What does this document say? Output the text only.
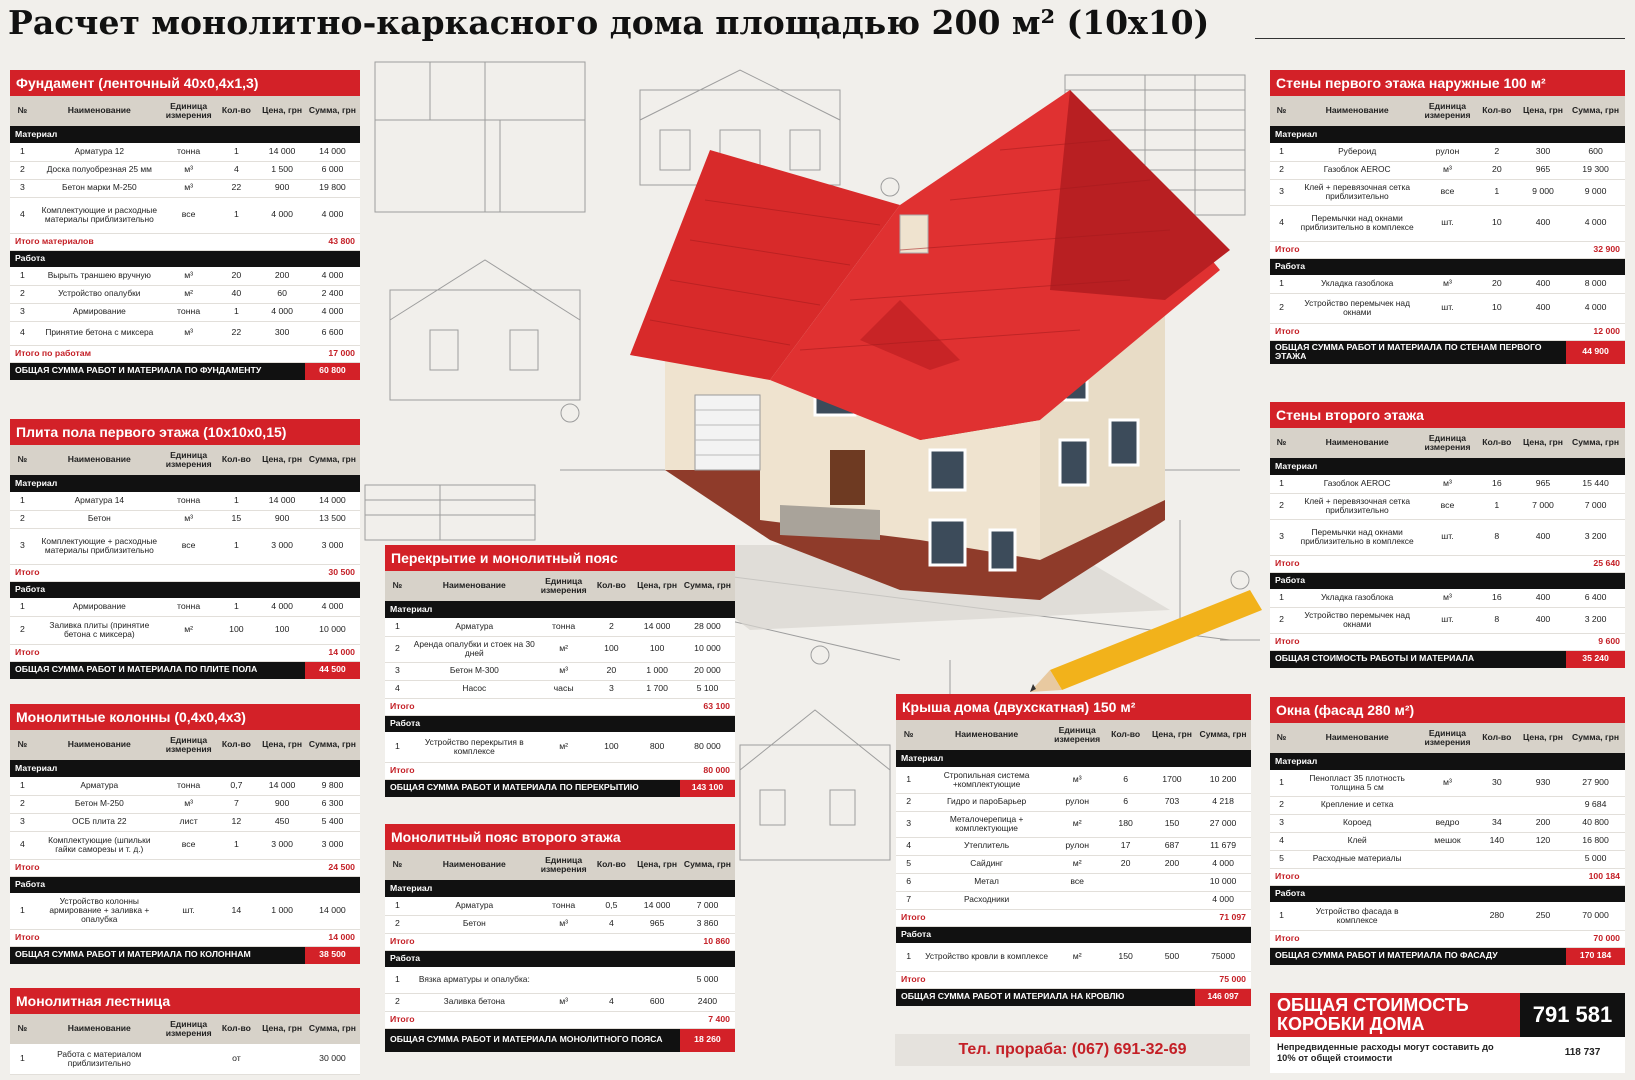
Расчет монолитно-каркасного дома площадью 200 м² (10х10)
Фундамент (ленточный 40х0,4х1,3)
№	Наименование	Единица измерения	Кол-во	Цена, грн	Сумма, грн
Материал					
1	Арматура 12	тонна	1	14 000	14 000
2	Доска полуобрезная 25 мм	м³	4	1 500	6 000
3	Бетон марки М-250	м³	22	900	19 800
4	Комплектующие и расходные материалы приблизительно	все	1	4 000	4 000
Итого материалов					43 800
Работа					
1	Вырыть траншею вручную	м³	20	200	4 000
2	Устройство опалубки	м²	40	60	2 400
3	Армирование	тонна	1	4 000	4 000
4	Принятие бетона с миксера	м³	22	300	6 600
Итого по работам					17 000
ОБЩАЯ СУММА РАБОТ И МАТЕРИАЛА ПО ФУНДАМЕНТУ					60 800
Плита пола первого этажа (10х10х0,15)
№	Наименование	Единица измерения	Кол-во	Цена, грн	Сумма, грн
Материал					
1	Арматура 14	тонна	1	14 000	14 000
2	Бетон	м³	15	900	13 500
3	Комплектующие + расходные материалы приблизительно	все	1	3 000	3 000
Итого					30 500
Работа					
1	Армирование	тонна	1	4 000	4 000
2	Заливка плиты (принятие бетона с миксера)	м²	100	100	10 000
Итого					14 000
ОБЩАЯ СУММА РАБОТ И МАТЕРИАЛА ПО ПЛИТЕ ПОЛА					44 500
Монолитные колонны (0,4х0,4х3)
№	Наименование	Единица измерения	Кол-во	Цена, грн	Сумма, грн
Материал					
1	Арматура	тонна	0,7	14 000	9 800
2	Бетон М-250	м³	7	900	6 300
3	ОСБ плита 22	лист	12	450	5 400
4	Комплектующие (шпильки гайки саморезы и т. д.)	все	1	3 000	3 000
Итого					24 500
Работа					
1	Устройство колонны армирование + заливка + опалубка	шт.	14	1 000	14 000
Итого					14 000
ОБЩАЯ СУММА РАБОТ И МАТЕРИАЛА ПО КОЛОННАМ					38 500
Монолитная лестница
№	Наименование	Единица измерения	Кол-во	Цена, грн	Сумма, грн
1	Работа с материалом приблизительно		от		30 000
Перекрытие и монолитный пояс
№	Наименование	Единица измерения	Кол-во	Цена, грн	Сумма, грн
Материал					
1	Арматура	тонна	2	14 000	28 000
2	Аренда опалубки и стоек на 30 дней	м²	100	100	10 000
3	Бетон М-300	м³	20	1 000	20 000
4	Насос	часы	3	1 700	5 100
Итого					63 100
Работа					
1	Устройство перекрытия в комплексе	м²	100	800	80 000
Итого					80 000
ОБЩАЯ СУММА РАБОТ И МАТЕРИАЛА ПО ПЕРЕКРЫТИЮ					143 100
Монолитный пояс второго этажа
№	Наименование	Единица измерения	Кол-во	Цена, грн	Сумма, грн
Материал					
1	Арматура	тонна	0,5	14 000	7 000
2	Бетон	м³	4	965	3 860
Итого					10 860
Работа					
1	Вязка арматуры и опалубка:				5 000
2	Заливка бетона	м³	4	600	2400
Итого					7 400
ОБЩАЯ СУММА РАБОТ И МАТЕРИАЛА МОНОЛИТНОГО ПОЯСА					18 260
Крыша дома (двухскатная) 150 м²
№	Наименование	Единица измерения	Кол-во	Цена, грн	Сумма, грн
Материал					
1	Стропильная система +комплектующие	м³	6	1700	10 200
2	Гидро и пароБарьер	рулон	6	703	4 218
3	Металочерепица + комплектующие	м²	180	150	27 000
4	Утеплитель	рулон	17	687	11 679
5	Сайдинг	м²	20	200	4 000
6	Метал	все			10 000
7	Расходники				4 000
Итого					71 097
Работа					
1	Устройство кровли в комплексе	м²	150	500	75000
Итого					75 000
ОБЩАЯ СУММА РАБОТ И МАТЕРИАЛА НА КРОВЛЮ					146 097
Стены первого этажа наружные 100 м²
№	Наименование	Единица измерения	Кол-во	Цена, грн	Сумма, грн
Материал					
1	Рубероид	рулон	2	300	600
2	Газоблок AEROC	м³	20	965	19 300
3	Клей + перевязочная сетка приблизительно	все	1	9 000	9 000
4	Перемычки над окнами приблизительно в комплексе	шт.	10	400	4 000
Итого					32 900
Работа					
1	Укладка газоблока	м³	20	400	8 000
2	Устройство перемычек над окнами	шт.	10	400	4 000
Итого					12 000
ОБЩАЯ СУММА РАБОТ И МАТЕРИАЛА ПО СТЕНАМ ПЕРВОГО ЭТАЖА					44 900
Стены второго этажа
№	Наименование	Единица измерения	Кол-во	Цена, грн	Сумма, грн
Материал					
1	Газоблок AEROC	м³	16	965	15 440
2	Клей + перевязочная сетка приблизительно	все	1	7 000	7 000
3	Перемычки над окнами приблизительно в комплексе	шт.	8	400	3 200
Итого					25 640
Работа					
1	Укладка газоблока	м³	16	400	6 400
2	Устройство перемычек над окнами	шт.	8	400	3 200
Итого					9 600
ОБЩАЯ СТОИМОСТЬ РАБОТЫ И МАТЕРИАЛА					35 240
Окна (фасад 280 м²)
№	Наименование	Единица измерения	Кол-во	Цена, грн	Сумма, грн
Материал					
1	Пенопласт 35 плотность толщина 5 см	м³	30	930	27 900
2	Крепление и сетка				9 684
3	Короед	ведро	34	200	40 800
4	Клей	мешок	140	120	16 800
5	Расходные материалы				5 000
Итого					100 184
Работа					
1	Устройство фасада в комплексе		280	250	70 000
Итого					70 000
ОБЩАЯ СУММА РАБОТ И МАТЕРИАЛА ПО ФАСАДУ					170 184
ОБЩАЯ СТОИМОСТЬ КОРОБКИ ДОМА	791 581
Непредвиденные расходы могут составить до 10% от общей стоимости	118 737
Тел. прораба: (067) 691-32-69
